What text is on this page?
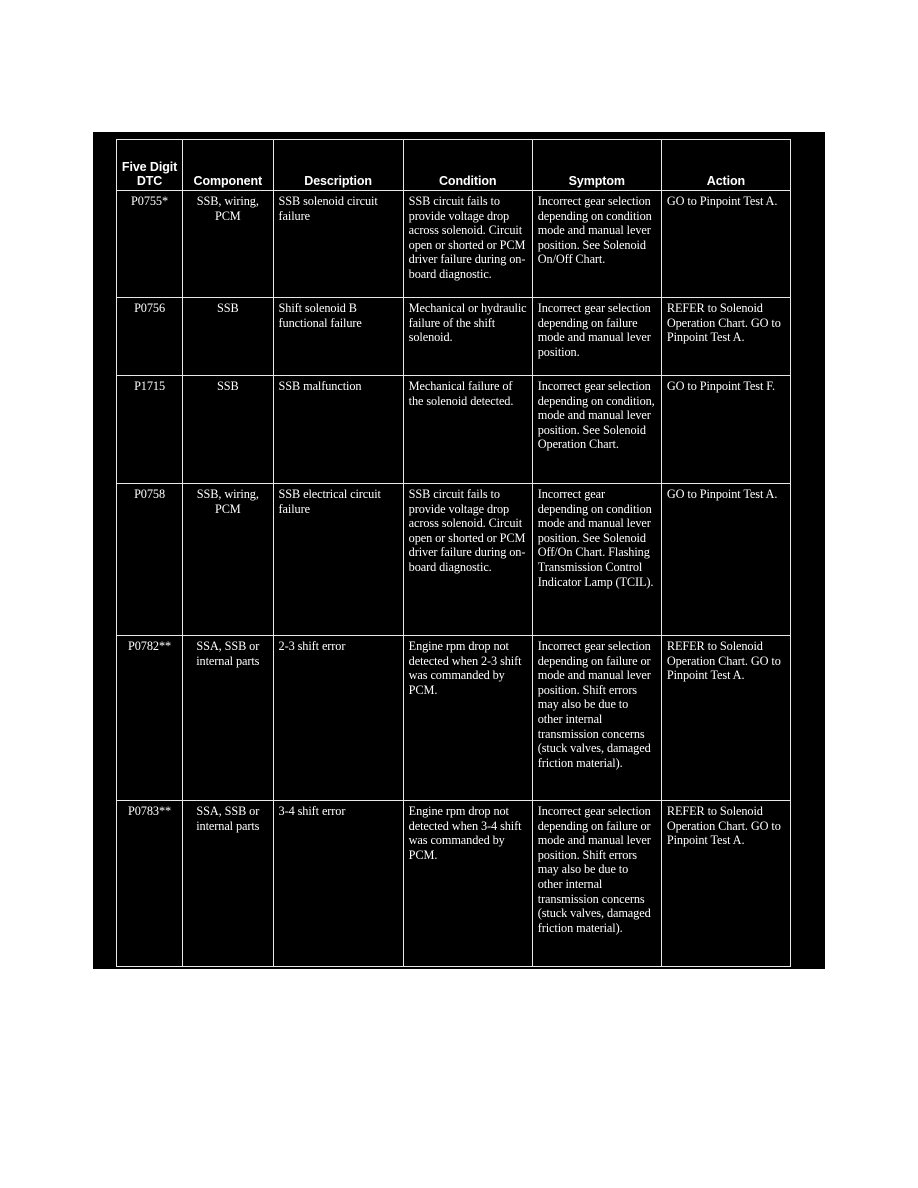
Five Digit DTC	Component	Description	Condition	Symptom	Action
P0755*	SSB, wiring, PCM	SSB solenoid circuit failure	SSB circuit fails to provide voltage drop across solenoid. Circuit open or shorted or PCM driver failure during on-board diagnostic.	Incorrect gear selection depending on condition mode and manual lever position. See Solenoid On/Off Chart.	GO to Pinpoint Test A.
P0756	SSB	Shift solenoid B functional failure	Mechanical or hydraulic failure of the shift solenoid.	Incorrect gear selection depending on failure mode and manual lever position.	REFER to Solenoid Operation Chart. GO to Pinpoint Test A.
P1715	SSB	SSB malfunction	Mechanical failure of the solenoid detected.	Incorrect gear selection depending on condition, mode and manual lever position. See Solenoid Operation Chart.	GO to Pinpoint Test F.
P0758	SSB, wiring, PCM	SSB electrical circuit failure	SSB circuit fails to provide voltage drop across solenoid. Circuit open or shorted or PCM driver failure during on-board diagnostic.	Incorrect gear depending on condition mode and manual lever position. See Solenoid Off/On Chart. Flashing Transmission Control Indicator Lamp (TCIL).	GO to Pinpoint Test A.
P0782**	SSA, SSB or internal parts	2-3 shift error	Engine rpm drop not detected when 2-3 shift was commanded by PCM.	Incorrect gear selection depending on failure or mode and manual lever position. Shift errors may also be due to other internal transmission concerns (stuck valves, damaged friction material).	REFER to Solenoid Operation Chart. GO to Pinpoint Test A.
P0783**	SSA, SSB or internal parts	3-4 shift error	Engine rpm drop not detected when 3-4 shift was commanded by PCM.	Incorrect gear selection depending on failure or mode and manual lever position. Shift errors may also be due to other internal transmission concerns (stuck valves, damaged friction material).	REFER to Solenoid Operation Chart. GO to Pinpoint Test A.
